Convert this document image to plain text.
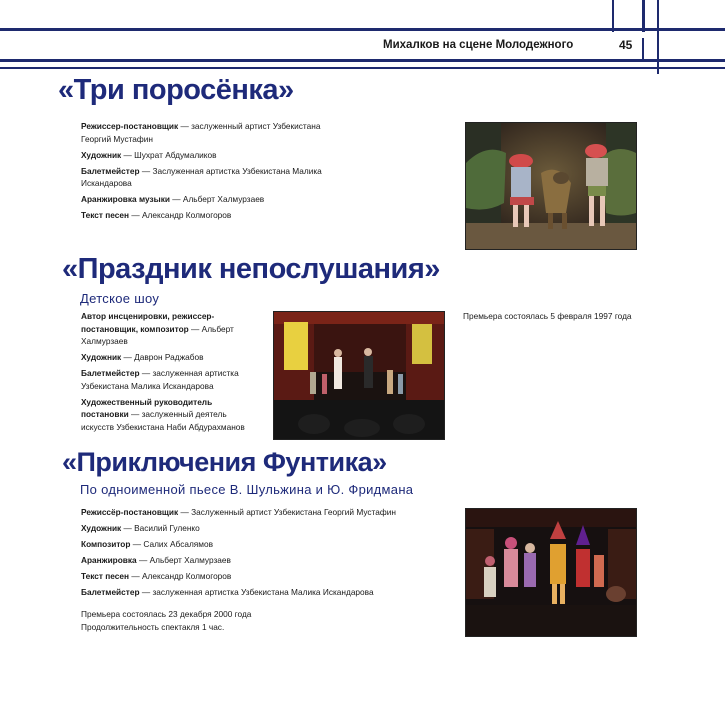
Михалков на сцене Молодежного	45
«Три поросёнка»
Режиссер-постановщик — заслуженный артист Узбекистана
Георгий Мустафин
Художник — Шухрат Абдумаликов
Балетмейстер — Заслуженная артистка Узбекистана Малика
Искандарова
Аранжировка музыки — Альберт Халмурзаев
Текст песен — Александр Колмогоров
«Праздник непослушания»
Детское шоу
Автор инсценировки, режиссер-
постановщик, композитор — Альберт
Халмурзаев
Художник — Даврон Раджабов
Балетмейстер — заслуженная артистка
Узбекистана Малика Искандарова
Художественный руководитель
постановки — заслуженный деятель
искусств Узбекистана Наби Абдурахманов
Премьера состоялась 5 февраля 1997 года
«Приключения Фунтика»
По одноименной пьесе В. Шульжина и Ю. Фридмана
Режиссёр-постановщик — Заслуженный артист Узбекистана Георгий Мустафин
Художник — Василий Гуленко
Композитор — Салих Абсалямов
Аранжировка — Альберт Халмурзаев
Текст песен — Александр Колмогоров
Балетмейстер — заслуженная артистка Узбекистана Малика Искандарова
Премьера состоялась 23 декабря 2000 года
Продолжительность спектакля 1 час.
